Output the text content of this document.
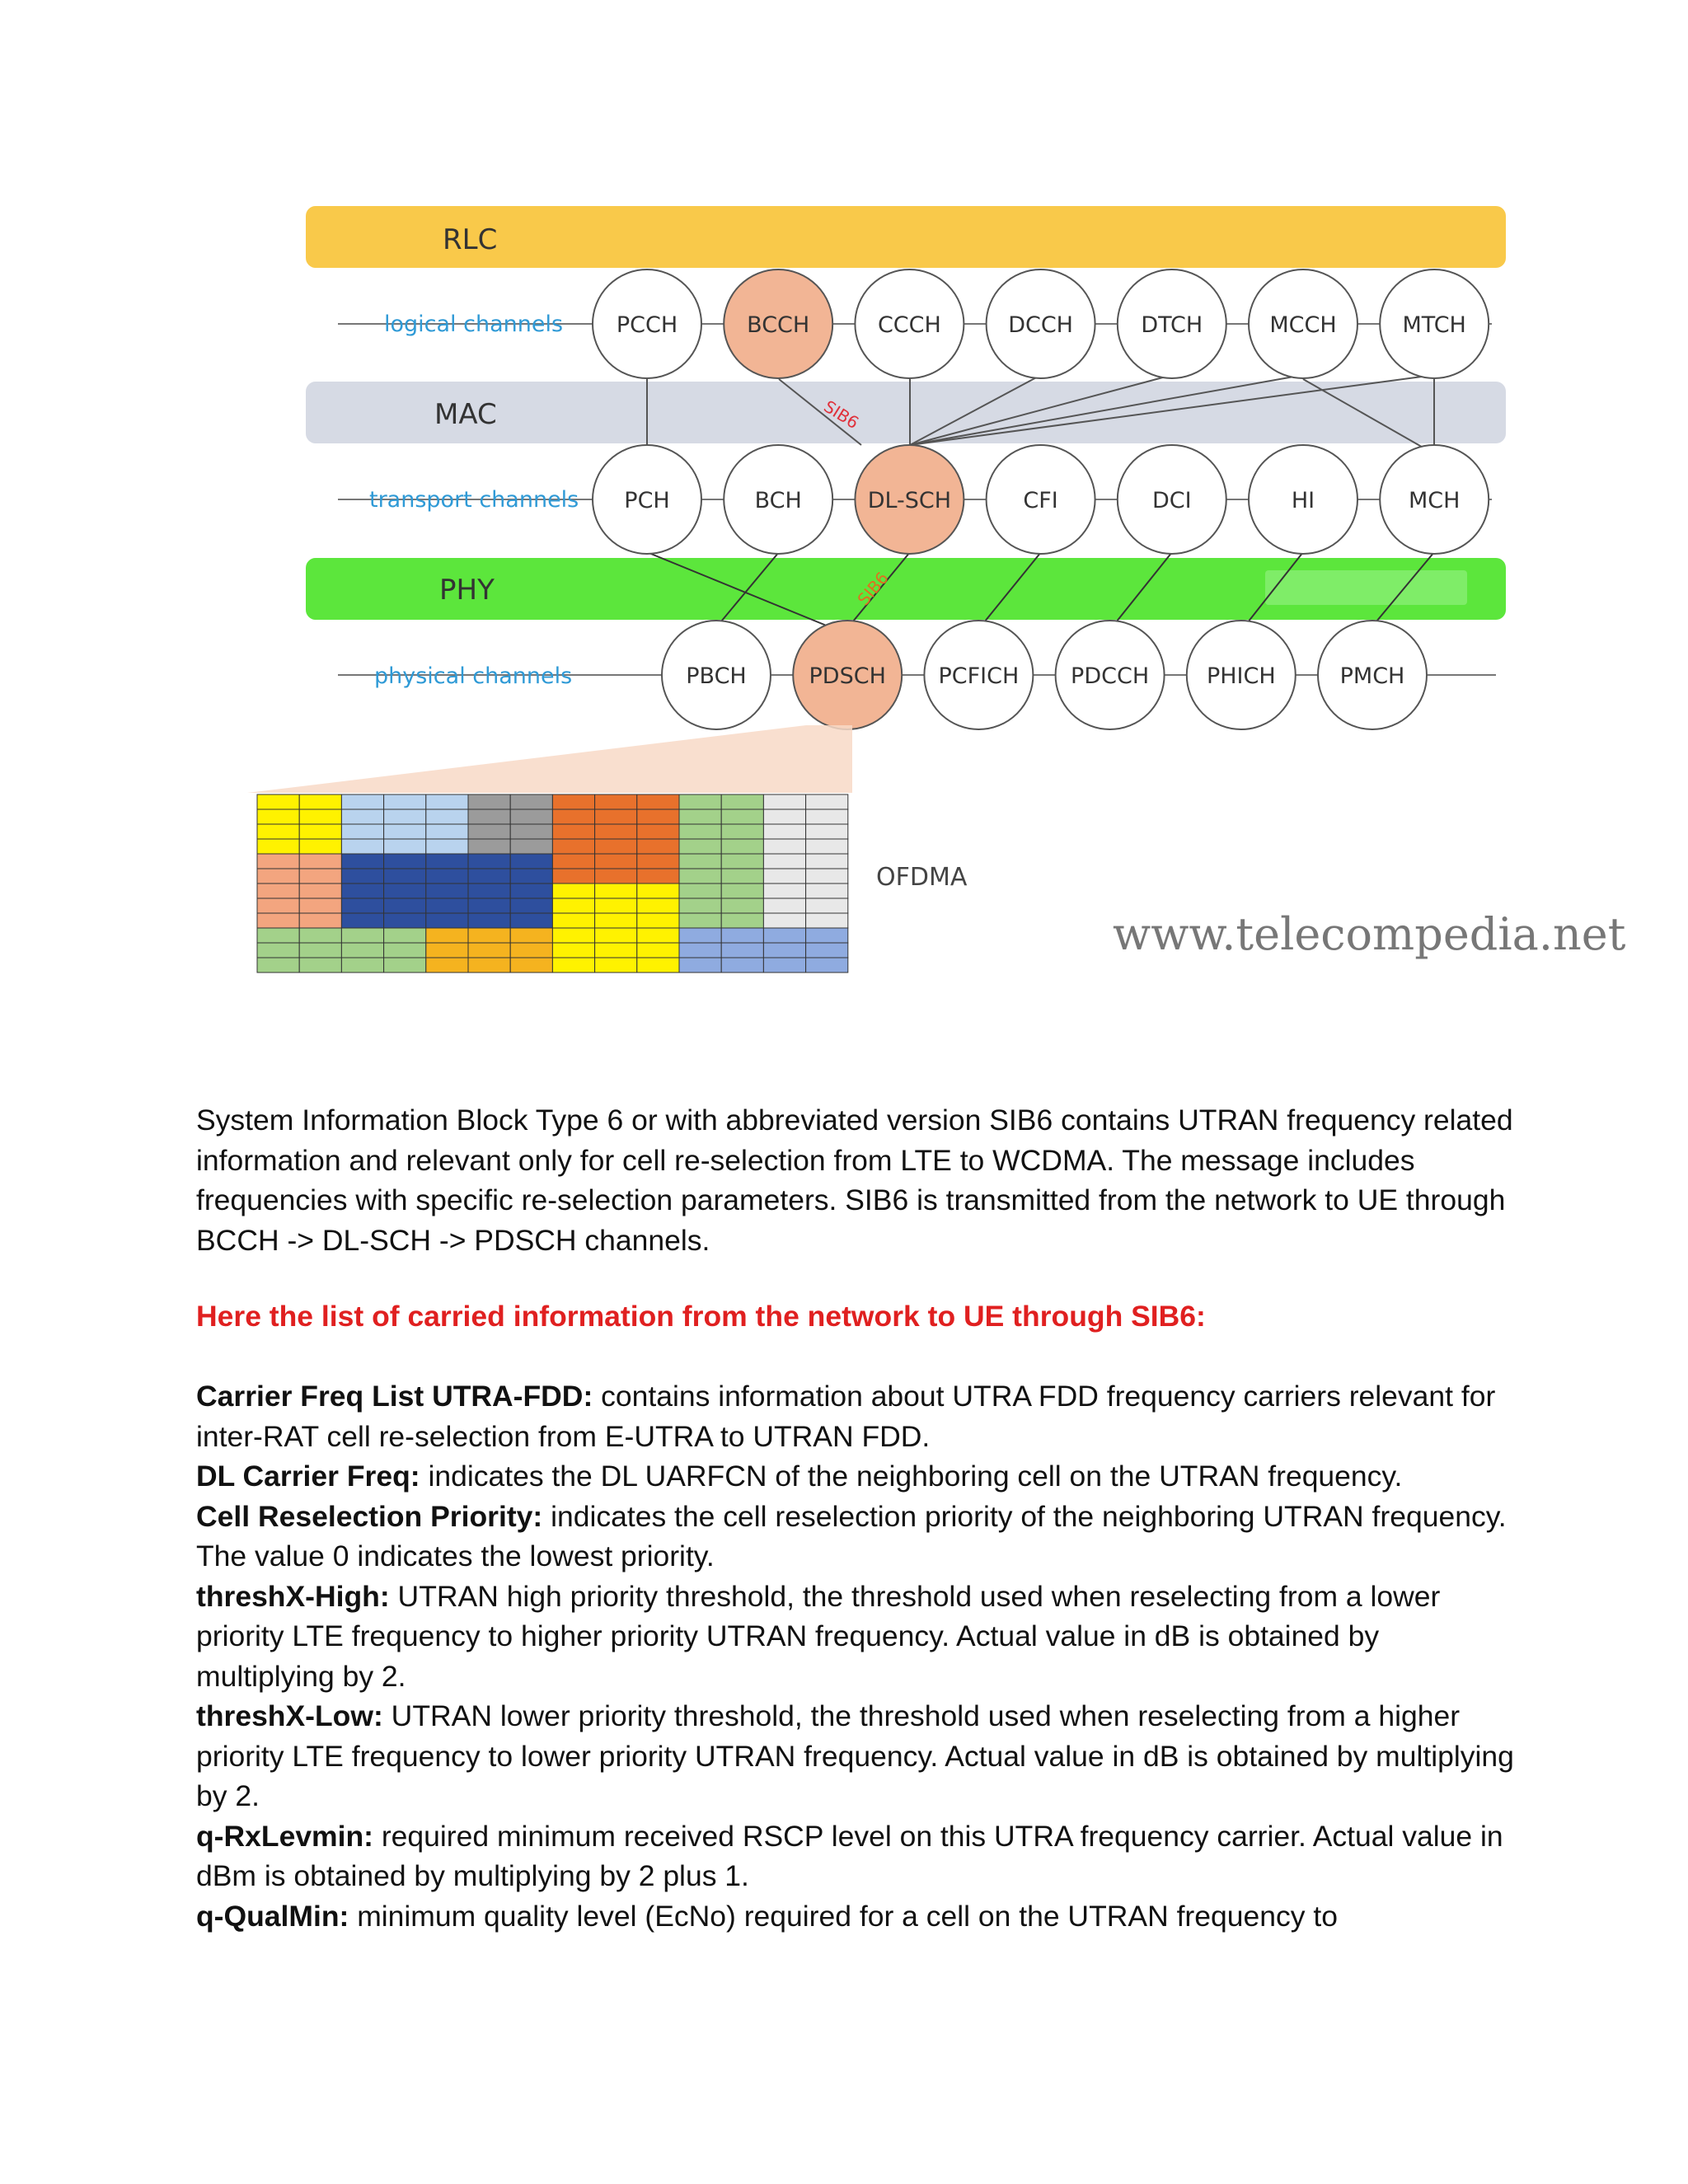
RLC
MAC
PHY
SIB6
SIB6
logical channels
transport channels
physical channels
PCCH	BCCH	CCCH	DCCH	DTCH	MCCH	MTCH
PCH	BCH	DL-SCH	CFI	DCI	HI	MCH
PBCH	PDSCH PCFICH PDCCH	PHICH	PMCH
OFDMA
www.telecompedia.net

System Information Block Type 6 or with abbreviated version SIB6 contains UTRAN frequency related information and relevant only for cell re-selection from LTE to WCDMA. The message includes frequencies with specific re-selection parameters. SIB6 is transmitted from the network to UE through BCCH -> DL-SCH -> PDSCH channels.

Here the list of carried information from the network to UE through SIB6:

Carrier Freq List UTRA-FDD: contains information about UTRA FDD frequency carriers relevant for inter-RAT cell re-selection from E-UTRA to UTRAN FDD.

DL Carrier Freq: indicates the DL UARFCN of the neighboring cell on the UTRAN frequency.

Cell Reselection Priority: indicates the cell reselection priority of the neighboring UTRAN frequency. The value 0 indicates the lowest priority.

threshX-High: UTRAN high priority threshold, the threshold used when reselecting from a lower priority LTE frequency to higher priority UTRAN frequency. Actual value in dB is obtained by multiplying by 2.

threshX-Low: UTRAN lower priority threshold, the threshold used when reselecting from a higher priority LTE frequency to lower priority UTRAN frequency. Actual value in dB is obtained by multiplying by 2.

q-RxLevmin: required minimum received RSCP level on this UTRA frequency carrier. Actual value in dBm is obtained by multiplying by 2 plus 1.

q-QualMin: minimum quality level (EcNo) required for a cell on the UTRAN frequency to
